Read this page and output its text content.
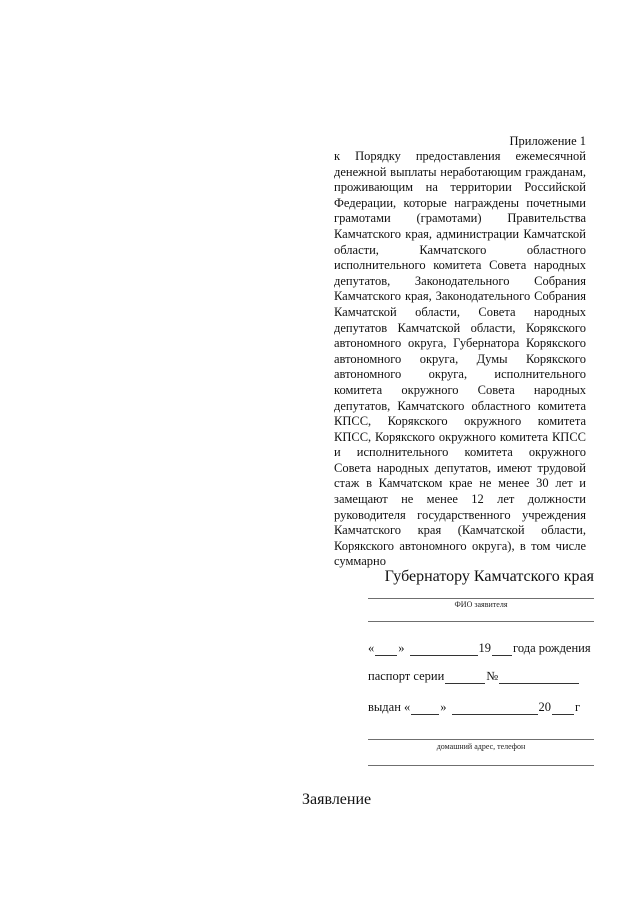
Приложение 1
к Порядку предоставления ежемесячной денежной выплаты неработающим гражданам, проживающим на территории Российской Федерации, которые награждены почетными грамотами (грамотами) Правительства Камчатского края, администрации Камчатской области, Камчатского областного исполнительного комитета Совета народных депутатов, Законодательного Собрания Камчатского края, Законодательного Собрания Камчатской области, Совета народных депутатов Камчатской области, Корякского автономного округа, Губернатора Корякского автономного округа, Думы Корякского автономного округа, исполнительного комитета окружного Совета народных депутатов, Камчатского областного комитета КПСС, Корякского окружного комитета КПСС, Корякского окружного комитета КПСС и исполнительного комитета окружного Совета народных депутатов, имеют трудовой стаж в Камчатском крае не менее 30 лет и замещают не менее 12 лет должности руководителя государственного учреждения Камчатского края (Камчатской области, Корякского автономного округа), в том числе суммарно
Губернатору Камчатского края
ФИО заявителя
« »	19 года рождения
паспорт серии	№
выдан « »	20 г
домашний адрес, телефон
Заявление
